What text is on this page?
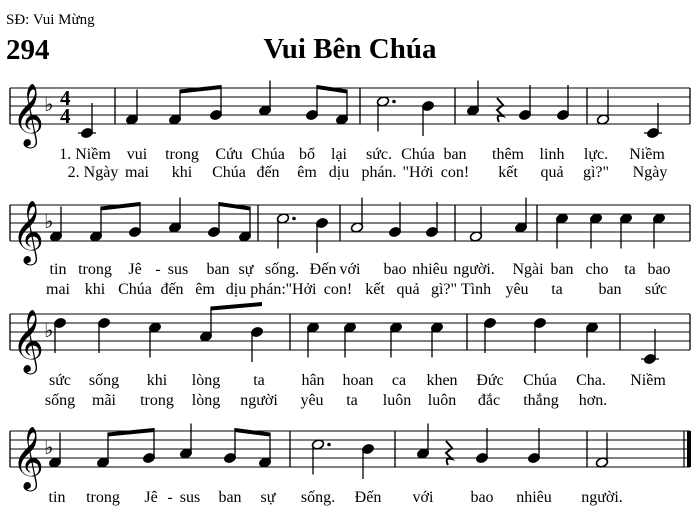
SĐ: Vui Mừng
294	Vui Bên Chúa
𝄞 ♭ 4
4
1. Niềm vui trong Cứu Chúa bổ lại sức. Chúa ban thêm linh lực. Niềm
2. Ngày mai khi Chúa đến êm dịu phán. "Hởi con! kết quả gì?" Ngày
𝄞 ♭
tin trong Jê - sus ban sự sống. Đến với bao nhiêu người. Ngài ban cho ta bao
mai khi Chúa đến êm dịu phán: "Hởi con! kết quả gì?" Tình yêu ta ban sức
𝄞 ♭
sức sống khi lòng ta hân hoan ca khen Đức Chúa Cha. Niềm
sống mãi trong lòng người yêu ta luôn luôn đắc thắng hơn.
𝄞 ♭
tin trong Jê - sus ban sự sống. Đến với bao nhiêu người.
